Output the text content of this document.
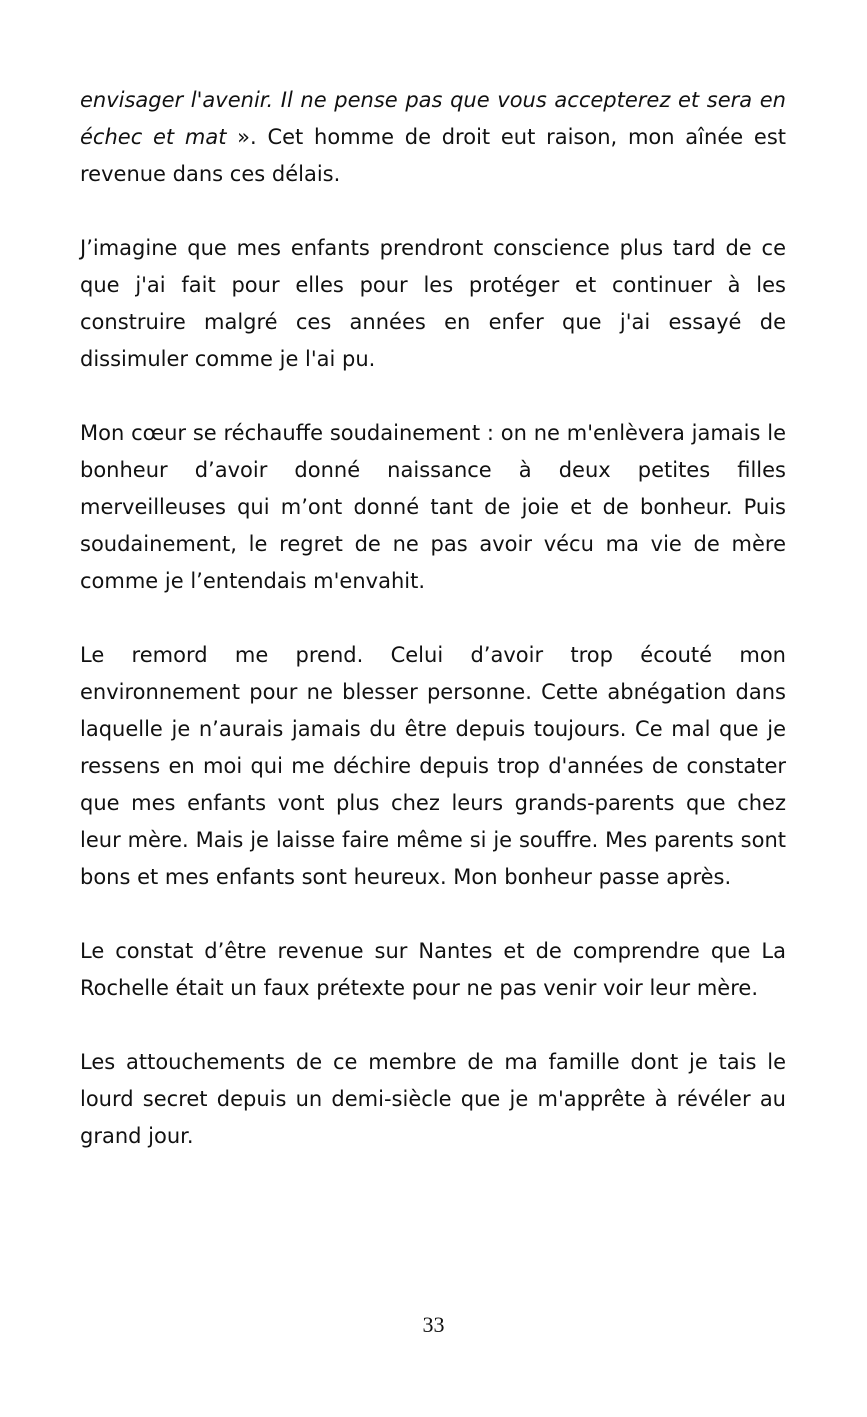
envisager l'avenir. Il ne pense pas que vous accepterez et sera en échec et mat ». Cet homme de droit eut raison, mon aînée est revenue dans ces délais.

J’imagine que mes enfants prendront conscience plus tard de ce que j'ai fait pour elles pour les protéger et continuer à les construire malgré ces années en enfer que j'ai essayé de dissimuler comme je l'ai pu.

Mon cœur se réchauffe soudainement : on ne m'enlèvera jamais le bonheur d’avoir donné naissance à deux petites filles merveilleuses qui m’ont donné tant de joie et de bonheur. Puis soudainement, le regret de ne pas avoir vécu ma vie de mère comme je l’entendais m'envahit.

Le remord me prend. Celui d’avoir trop écouté mon environnement pour ne blesser personne. Cette abnégation dans laquelle je n’aurais jamais du être depuis toujours. Ce mal que je ressens en moi qui me déchire depuis trop d'années de constater que mes enfants vont plus chez leurs grands-parents que chez leur mère. Mais je laisse faire même si je souffre. Mes parents sont bons et mes enfants sont heureux. Mon bonheur passe après.

Le constat d’être revenue sur Nantes et de comprendre que La Rochelle était un faux prétexte pour ne pas venir voir leur mère.

Les attouchements de ce membre de ma famille dont je tais le lourd secret depuis un demi-siècle que je m'apprête à révéler au grand jour.

33
